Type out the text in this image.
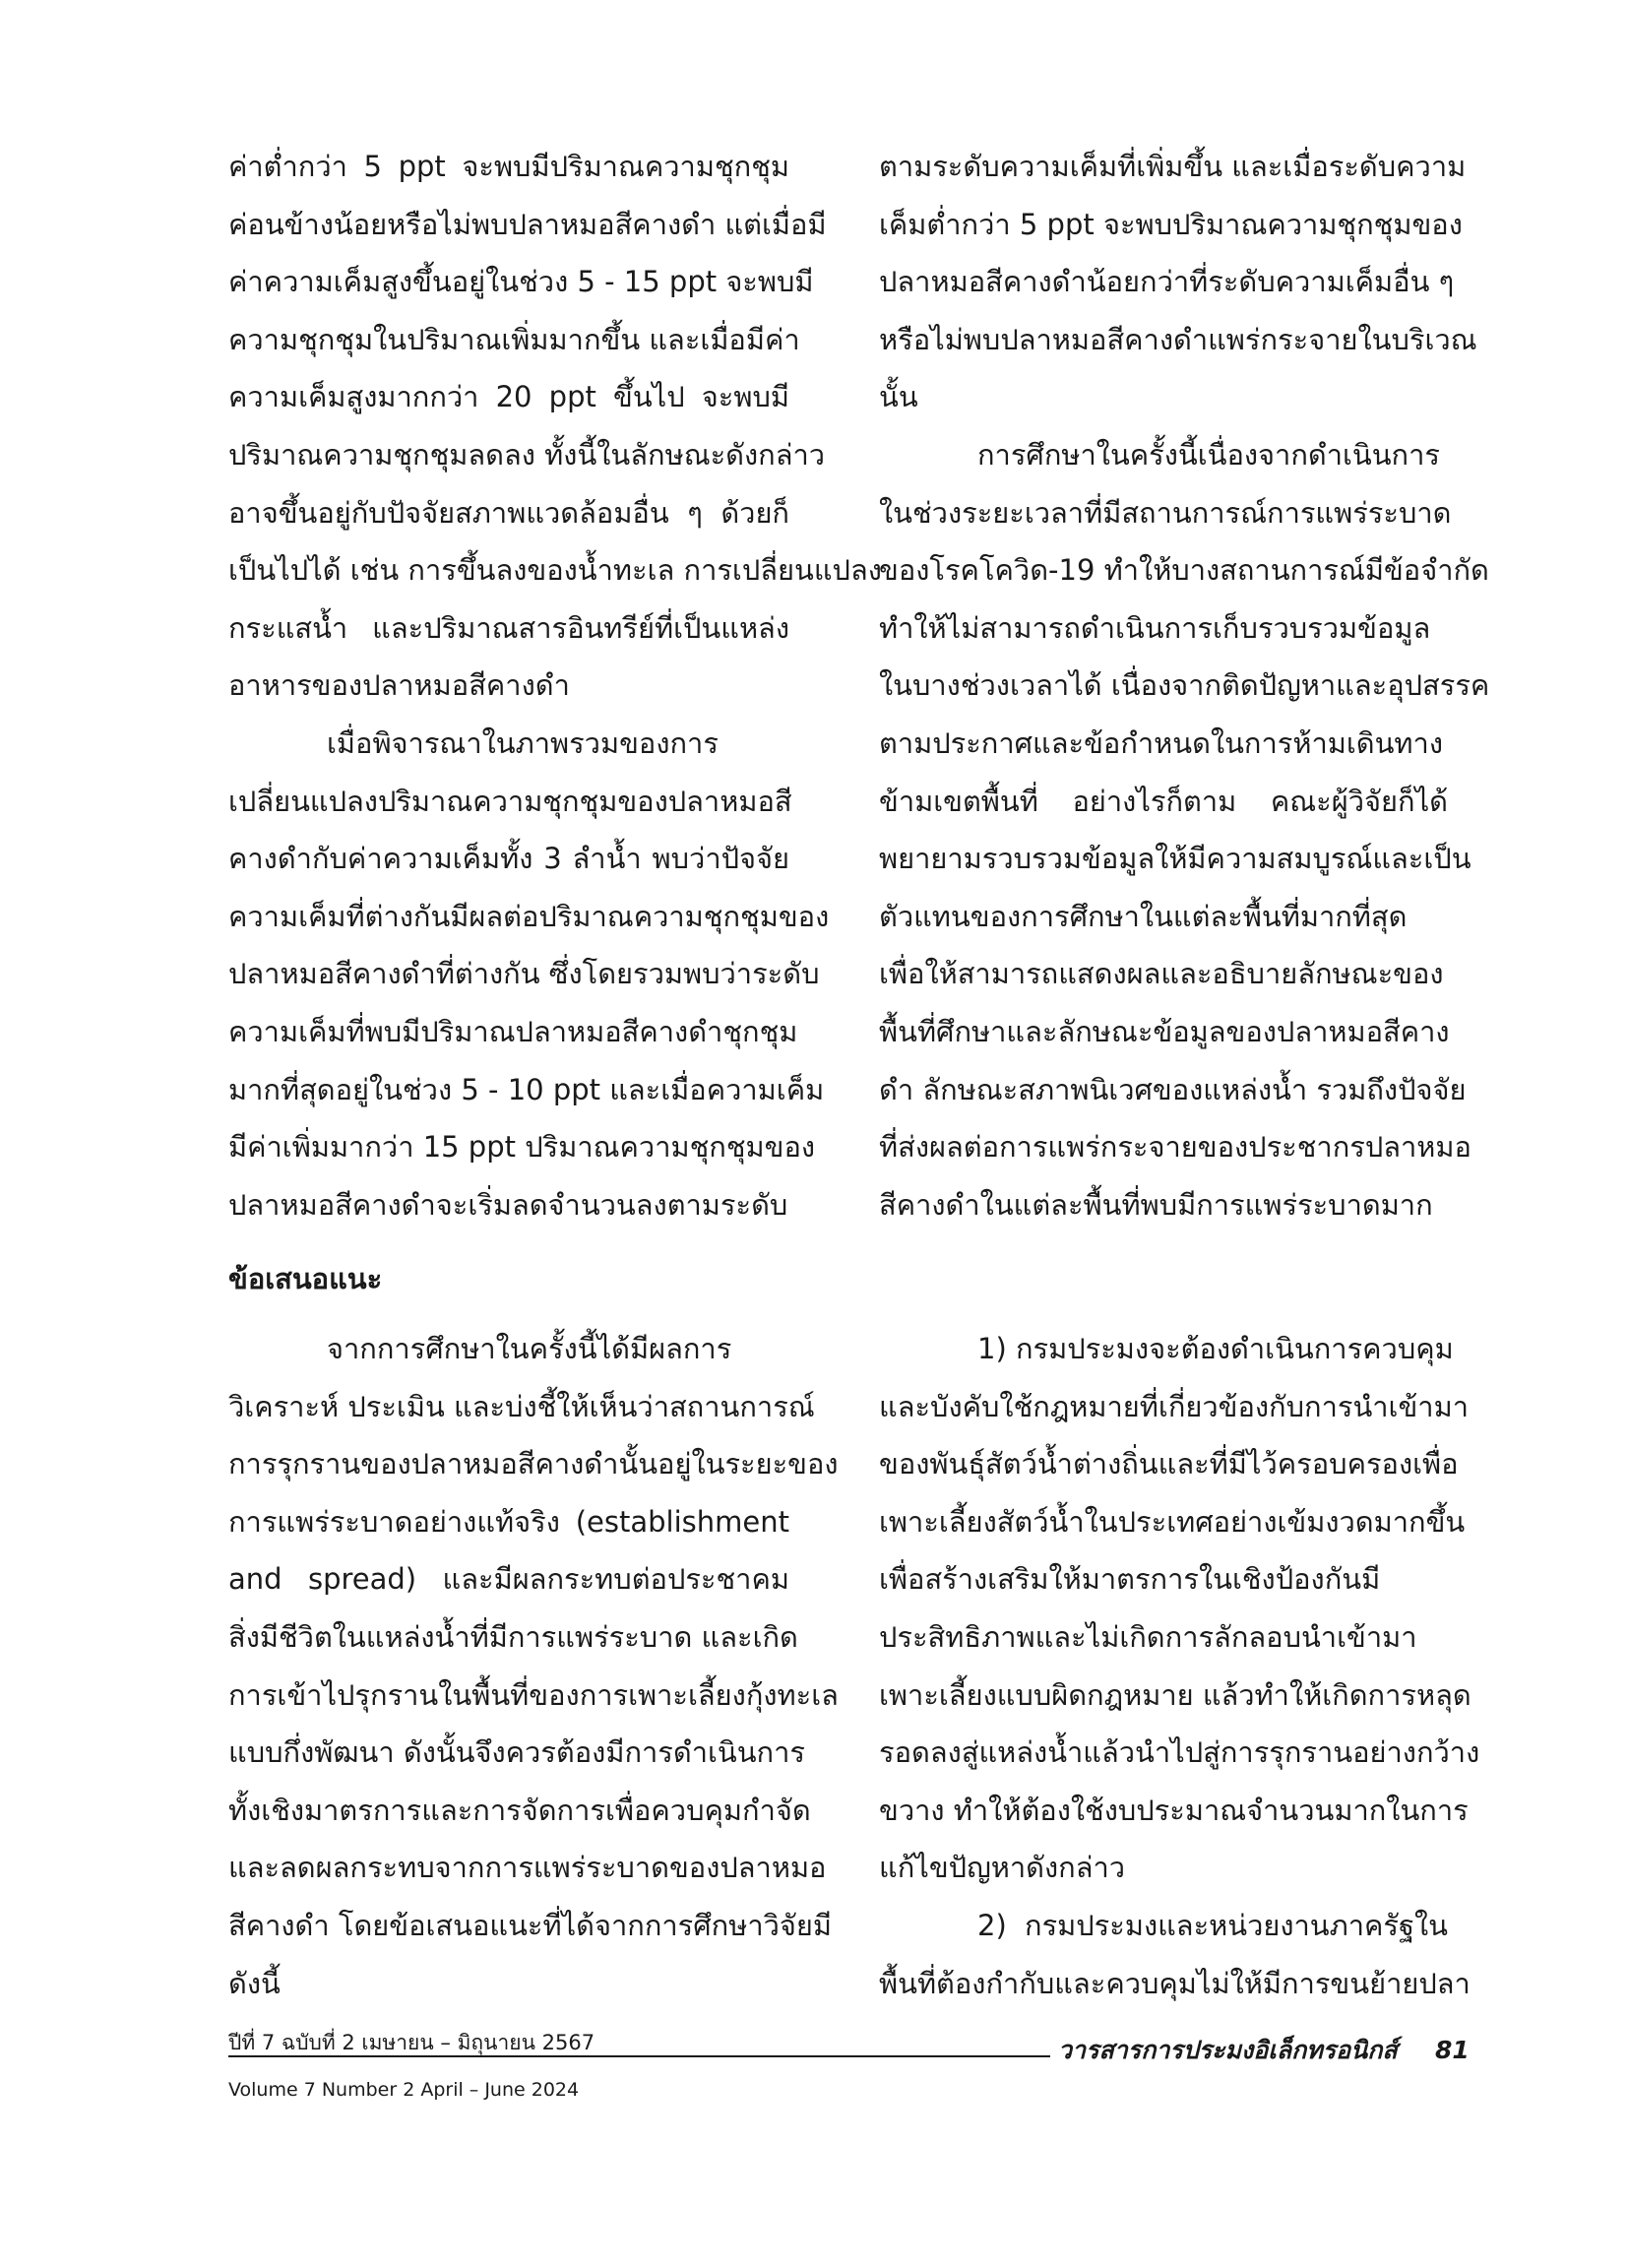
ค่าต่ำกว่า 5 ppt จะพบมีปริมาณความชุกชุม
ค่อนข้างน้อยหรือไม่พบปลาหมอสีคางดำ แต่เมื่อมี
ค่าความเค็มสูงขึ้นอยู่ในช่วง 5 - 15 ppt จะพบมี
ความชุกชุมในปริมาณเพิ่มมากขึ้น และเมื่อมีค่า
ความเค็มสูงมากกว่า 20 ppt ขึ้นไป จะพบมี
ปริมาณความชุกชุมลดลง ทั้งนี้ในลักษณะดังกล่าว
อาจขึ้นอยู่กับปัจจัยสภาพแวดล้อมอื่น ๆ ด้วยก็
เป็นไปได้ เช่น การขึ้นลงของน้ำทะเล การเปลี่ยนแปลง
กระแสน้ำ และปริมาณสารอินทรีย์ที่เป็นแหล่ง
อาหารของปลาหมอสีคางดำ

เมื่อพิจารณาในภาพรวมของการ
เปลี่ยนแปลงปริมาณความชุกชุมของปลาหมอสี
คางดำกับค่าความเค็มทั้ง 3 ลำน้ำ พบว่าปัจจัย
ความเค็มที่ต่างกันมีผลต่อปริมาณความชุกชุมของ
ปลาหมอสีคางดำที่ต่างกัน ซึ่งโดยรวมพบว่าระดับ
ความเค็มที่พบมีปริมาณปลาหมอสีคางดำชุกชุม
มากที่สุดอยู่ในช่วง 5 - 10 ppt และเมื่อความเค็ม
มีค่าเพิ่มมากว่า 15 ppt ปริมาณความชุกชุมของ
ปลาหมอสีคางดำจะเริ่มลดจำนวนลงตามระดับ

ตามระดับความเค็มที่เพิ่มขึ้น และเมื่อระดับความ
เค็มต่ำกว่า 5 ppt จะพบปริมาณความชุกชุมของ
ปลาหมอสีคางดำน้อยกว่าที่ระดับความเค็มอื่น ๆ
หรือไม่พบปลาหมอสีคางดำแพร่กระจายในบริเวณ
นั้น

การศึกษาในครั้งนี้เนื่องจากดำเนินการ
ในช่วงระยะเวลาที่มีสถานการณ์การแพร่ระบาด
ของโรคโควิด-19 ทำให้บางสถานการณ์มีข้อจำกัด
ทำให้ไม่สามารถดำเนินการเก็บรวบรวมข้อมูล
ในบางช่วงเวลาได้ เนื่องจากติดปัญหาและอุปสรรค
ตามประกาศและข้อกำหนดในการห้ามเดินทาง
ข้ามเขตพื้นที่ อย่างไรก็ตาม คณะผู้วิจัยก็ได้
พยายามรวบรวมข้อมูลให้มีความสมบูรณ์และเป็น
ตัวแทนของการศึกษาในแต่ละพื้นที่มากที่สุด
เพื่อให้สามารถแสดงผลและอธิบายลักษณะของ
พื้นที่ศึกษาและลักษณะข้อมูลของปลาหมอสีคาง
ดำ ลักษณะสภาพนิเวศของแหล่งน้ำ รวมถึงปัจจัย
ที่ส่งผลต่อการแพร่กระจายของประชากรปลาหมอ
สีคางดำในแต่ละพื้นที่พบมีการแพร่ระบาดมาก

ข้อเสนอแนะ

จากการศึกษาในครั้งนี้ได้มีผลการ
วิเคราะห์ ประเมิน และบ่งชี้ให้เห็นว่าสถานการณ์
การรุกรานของปลาหมอสีคางดำนั้นอยู่ในระยะของ
การแพร่ระบาดอย่างแท้จริง (establishment
and spread) และมีผลกระทบต่อประชาคม
สิ่งมีชีวิตในแหล่งน้ำที่มีการแพร่ระบาด และเกิด
การเข้าไปรุกรานในพื้นที่ของการเพาะเลี้ยงกุ้งทะเล
แบบกึ่งพัฒนา ดังนั้นจึงควรต้องมีการดำเนินการ
ทั้งเชิงมาตรการและการจัดการเพื่อควบคุมกำจัด
และลดผลกระทบจากการแพร่ระบาดของปลาหมอ
สีคางดำ โดยข้อเสนอแนะที่ได้จากการศึกษาวิจัยมี
ดังนี้

1) กรมประมงจะต้องดำเนินการควบคุม
และบังคับใช้กฎหมายที่เกี่ยวข้องกับการนำเข้ามา
ของพันธุ์สัตว์น้ำต่างถิ่นและที่มีไว้ครอบครองเพื่อ
เพาะเลี้ยงสัตว์น้ำในประเทศอย่างเข้มงวดมากขึ้น
เพื่อสร้างเสริมให้มาตรการในเชิงป้องกันมี
ประสิทธิภาพและไม่เกิดการลักลอบนำเข้ามา
เพาะเลี้ยงแบบผิดกฎหมาย แล้วทำให้เกิดการหลุด
รอดลงสู่แหล่งน้ำแล้วนำไปสู่การรุกรานอย่างกว้าง
ขวาง ทำให้ต้องใช้งบประมาณจำนวนมากในการ
แก้ไขปัญหาดังกล่าว

2) กรมประมงและหน่วยงานภาครัฐใน
พื้นที่ต้องกำกับและควบคุมไม่ให้มีการขนย้ายปลา

ปีที่ 7 ฉบับที่ 2 เมษายน – มิถุนายน 2567	วารสารการประมงอิเล็กทรอนิกส์ 81
Volume 7 Number 2 April – June 2024
